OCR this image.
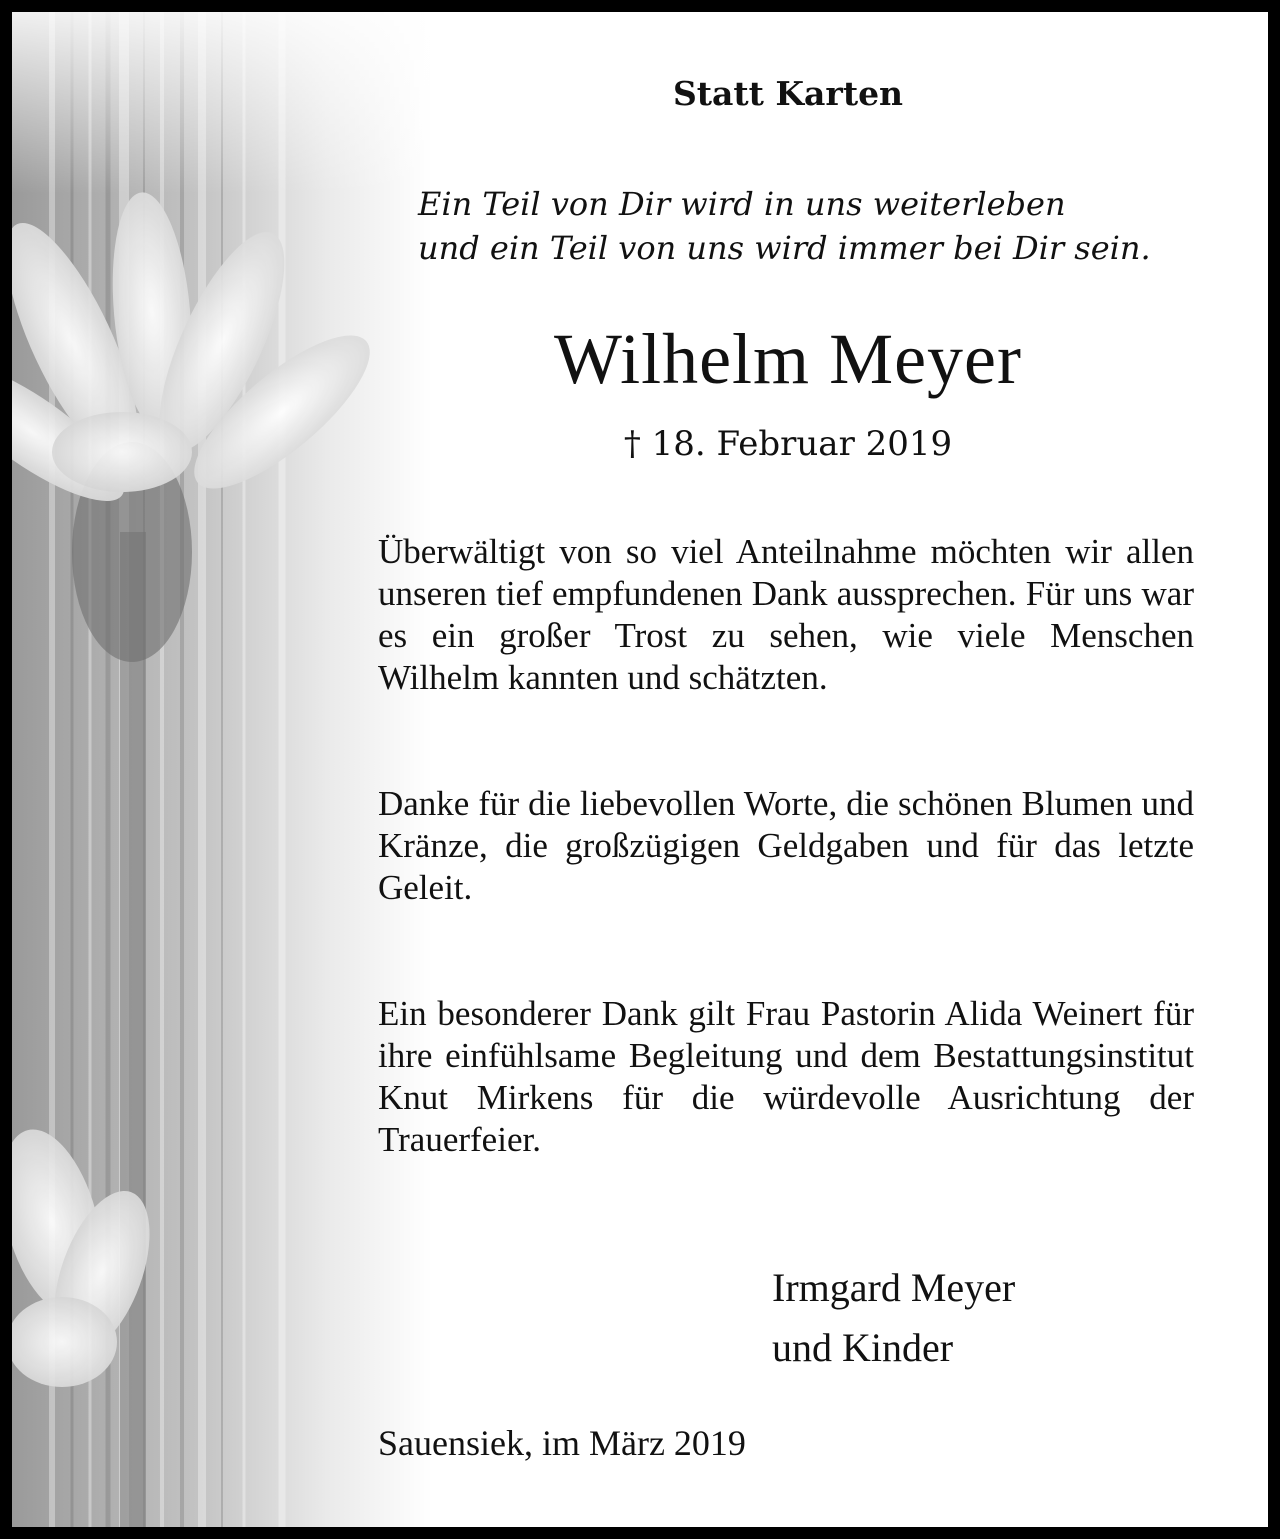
Statt Karten
Ein Teil von Dir wird in uns weiterleben
und ein Teil von uns wird immer bei Dir sein.
Wilhelm Meyer
† 18. Februar 2019
Überwältigt von so viel Anteilnahme möchten wir allen unseren tief empfundenen Dank aussprechen. Für uns war es ein großer Trost zu sehen, wie viele Menschen Wilhelm kannten und schätzten.
Danke für die liebevollen Worte, die schönen Blumen und Kränze, die großzügigen Geldgaben und für das letzte Geleit.
Ein besonderer Dank gilt Frau Pastorin Alida Weinert für ihre einfühlsame Begleitung und dem Bestattungsinstitut Knut Mirkens für die würdevolle Ausrichtung der Trauerfeier.
Irmgard Meyer
und Kinder
Sauensiek, im März 2019
